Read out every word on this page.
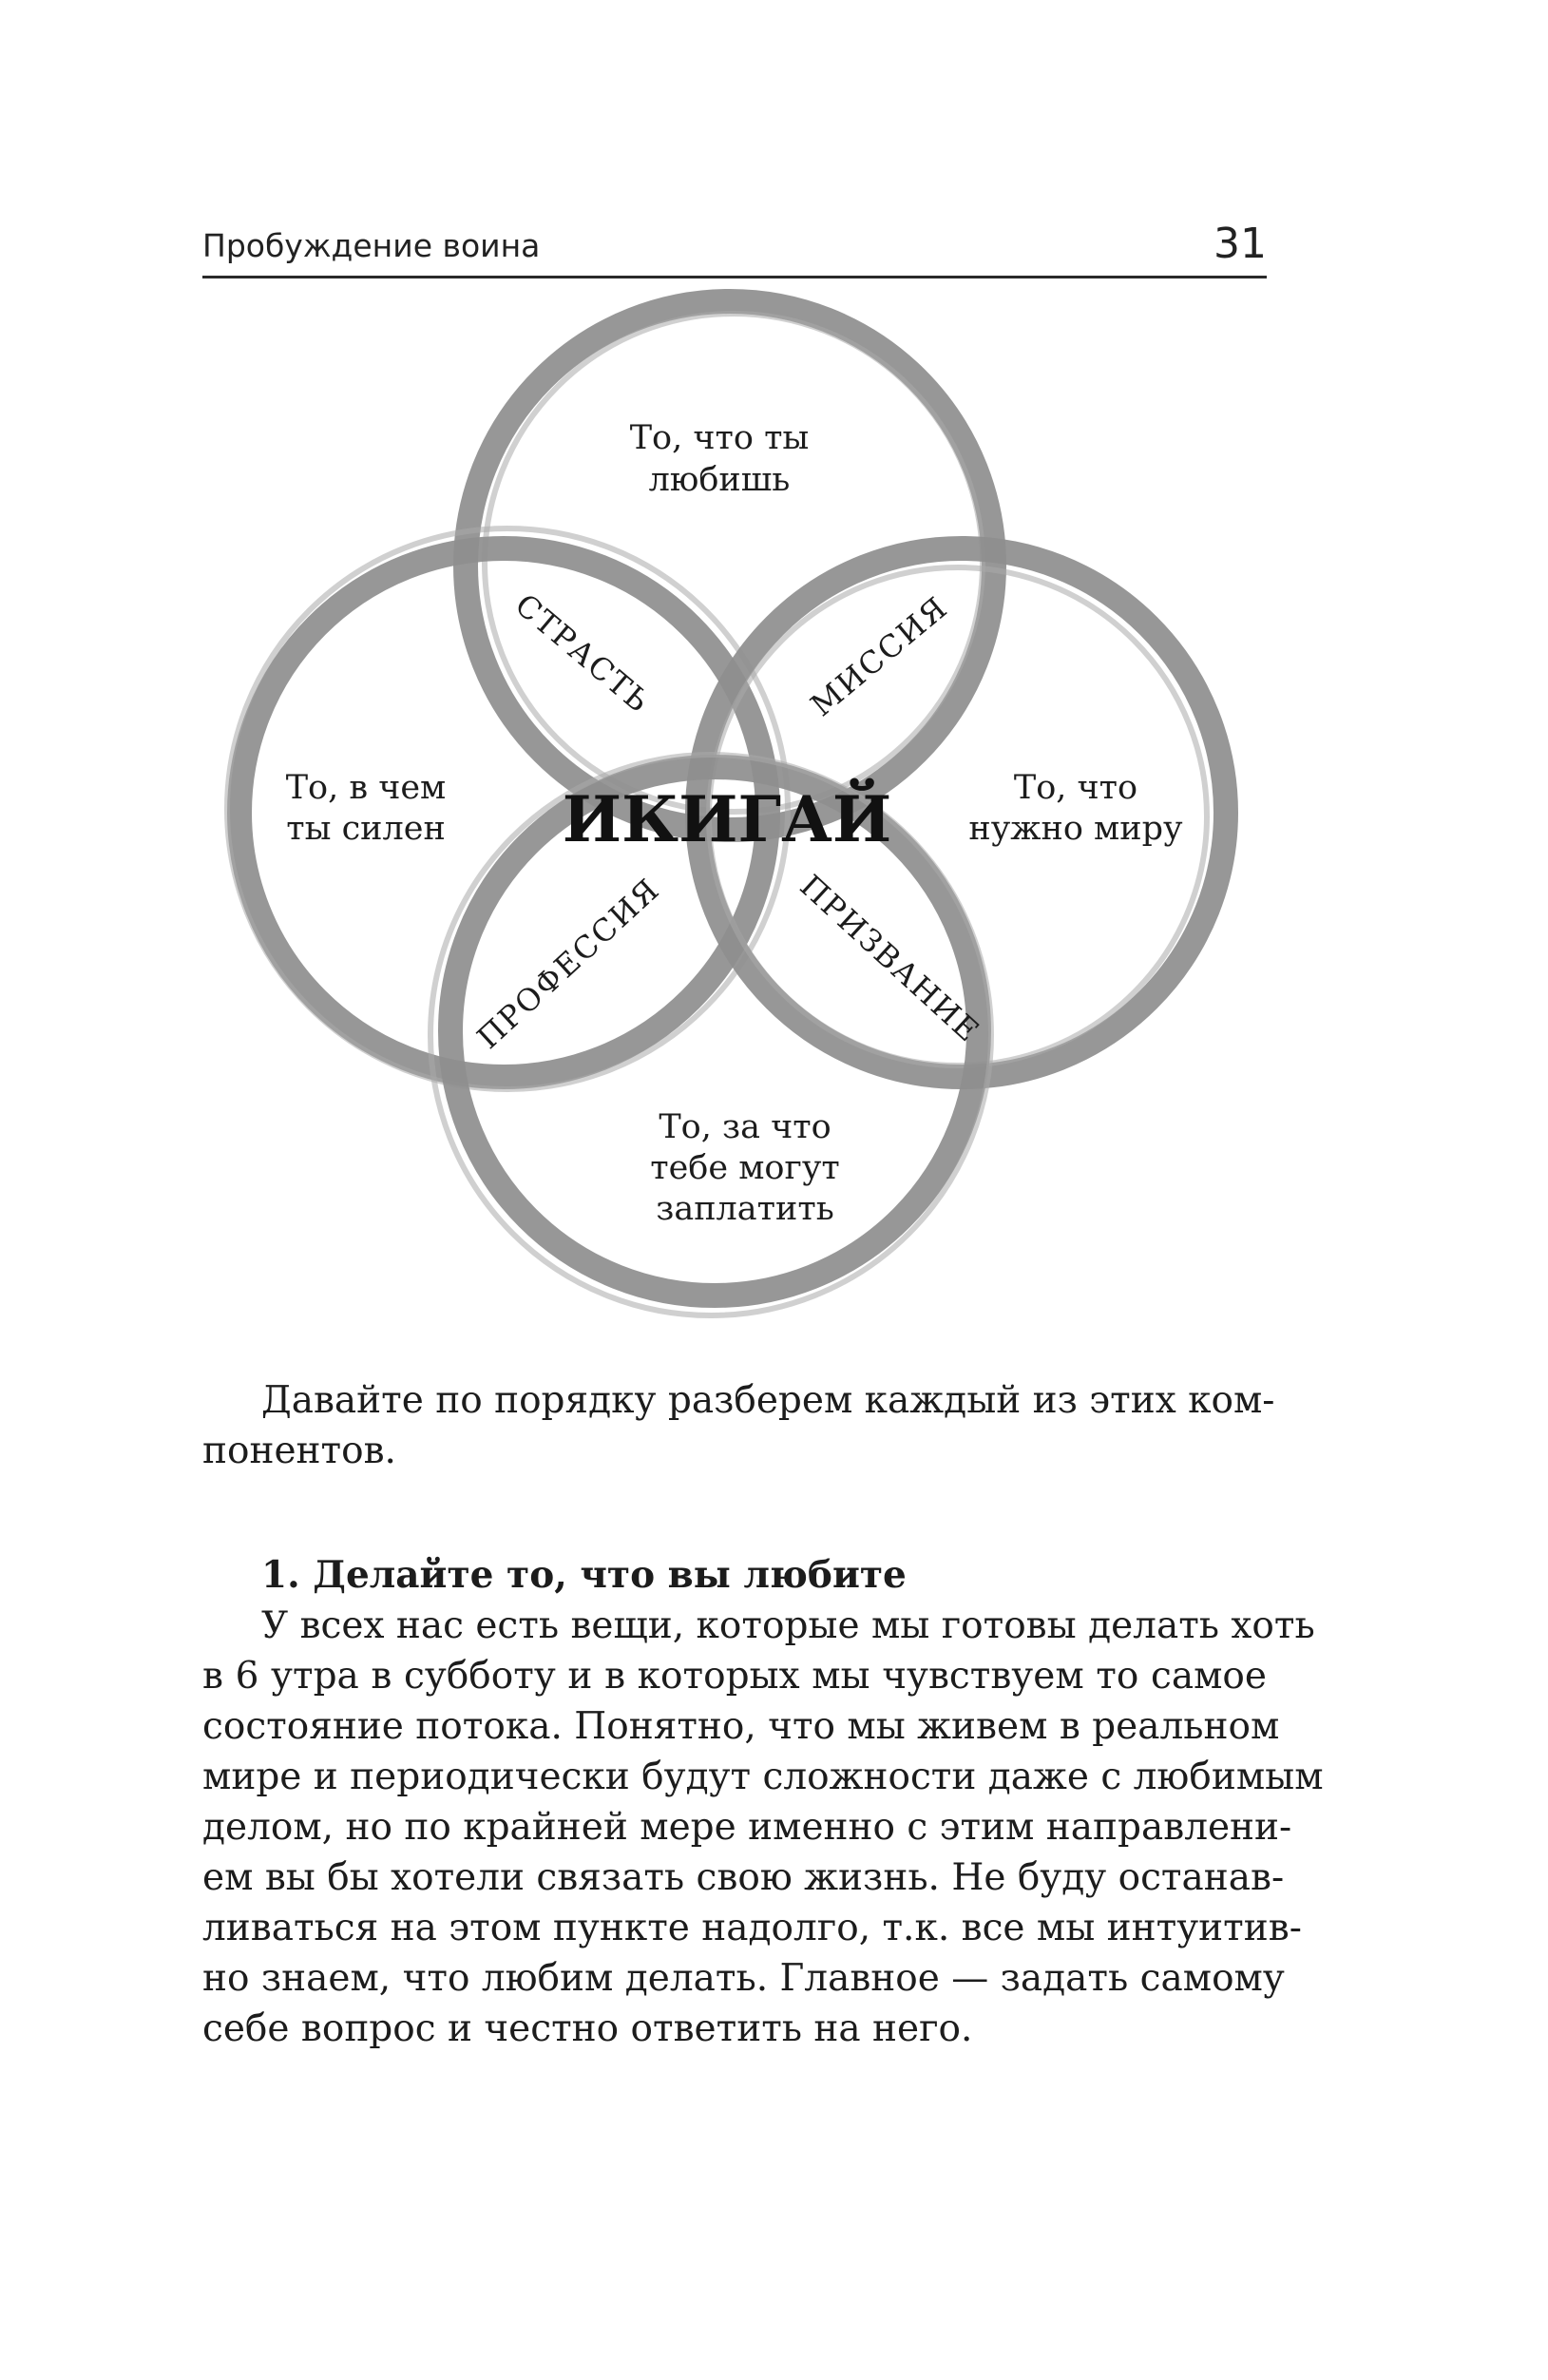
Пробуждение воина	31
То, что ты
любишь
То, в чем
ты силен
То, что
нужно миру
То, за что
тебе могут
заплатить
СТРАСТЬ	МИССИЯ
ПРОФЕССИЯ	ПРИЗВАНИЕ
ИКИГАЙ
Давайте по порядку разберем каждый из этих ком-
понентов.
1. Делайте то, что вы любите
У всех нас есть вещи, которые мы готовы делать хоть
в 6 утра в субботу и в которых мы чувствуем то самое
состояние потока. Понятно, что мы живем в реальном
мире и периодически будут сложности даже с любимым
делом, но по крайней мере именно с этим направлени-
ем вы бы хотели связать свою жизнь. Не буду останав-
ливаться на этом пункте надолго, т.к. все мы интуитив-
но знаем, что любим делать. Главное — задать самому
себе вопрос и честно ответить на него.
